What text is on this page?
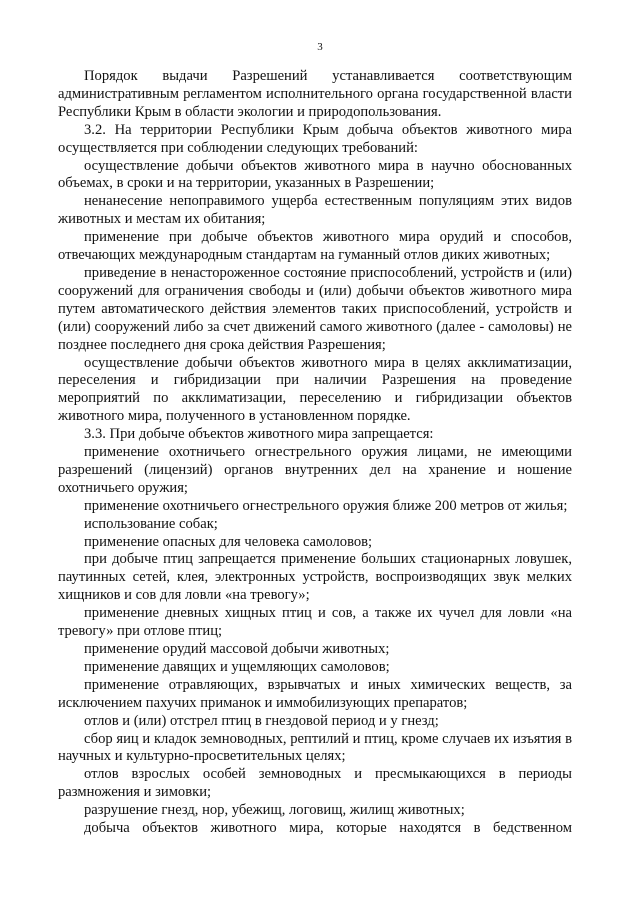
3

Порядок выдачи Разрешений устанавливается соответствующим административным регламентом исполнительного органа государственной власти Республики Крым в области экологии и природопользования.

3.2. На территории Республики Крым добыча объектов животного мира осуществляется при соблюдении следующих требований:

осуществление добычи объектов животного мира в научно обоснованных объемах, в сроки и на территории, указанных в Разрешении;

ненанесение непоправимого ущерба естественным популяциям этих видов животных и местам их обитания;

применение при добыче объектов животного мира орудий и способов, отвечающих международным стандартам на гуманный отлов диких животных;

приведение в ненастороженное состояние приспособлений, устройств и (или) сооружений для ограничения свободы и (или) добычи объектов животного мира путем автоматического действия элементов таких приспособлений, устройств и (или) сооружений либо за счет движений самого животного (далее - самоловы) не позднее последнего дня срока действия Разрешения;

осуществление добычи объектов животного мира в целях акклиматизации, переселения и гибридизации при наличии Разрешения на проведение мероприятий по акклиматизации, переселению и гибридизации объектов животного мира, полученного в установленном порядке.

3.3. При добыче объектов животного мира запрещается:

применение охотничьего огнестрельного оружия лицами, не имеющими разрешений (лицензий) органов внутренних дел на хранение и ношение охотничьего оружия;

применение охотничьего огнестрельного оружия ближе 200 метров от жилья;

использование собак;

применение опасных для человека самоловов;

при добыче птиц запрещается применение больших стационарных ловушек, паутинных сетей, клея, электронных устройств, воспроизводящих звук мелких хищников и сов для ловли «на тревогу»;

применение дневных хищных птиц и сов, а также их чучел для ловли «на тревогу» при отлове птиц;

применение орудий массовой добычи животных;

применение давящих и ущемляющих самоловов;

применение отравляющих, взрывчатых и иных химических веществ, за исключением пахучих приманок и иммобилизующих препаратов;

отлов и (или) отстрел птиц в гнездовой период и у гнезд;

сбор яиц и кладок земноводных, рептилий и птиц, кроме случаев их изъятия в научных и культурно-просветительных целях;

отлов взрослых особей земноводных и пресмыкающихся в периоды размножения и зимовки;

разрушение гнезд, нор, убежищ, логовищ, жилищ животных;

добыча объектов животного мира, которые находятся в бедственном
